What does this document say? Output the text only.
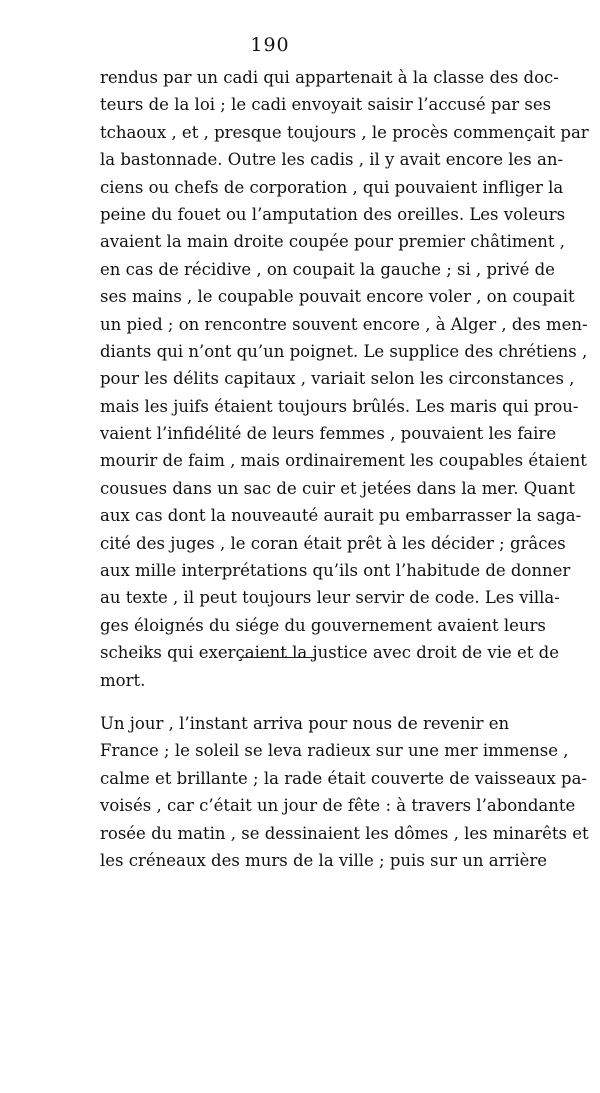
190
rendus par un cadi qui appartenait à la classe des doc-
teurs de la loi ; le cadi envoyait saisir l’accusé par ses
tchaoux , et , presque toujours , le procès commençait par
la bastonnade. Outre les cadis , il y avait encore les an-
ciens ou chefs de corporation , qui pouvaient infliger la
peine du fouet ou l’amputation des oreilles. Les voleurs
avaient la main droite coupée pour premier châtiment ,
en cas de récidive , on coupait la gauche ; si , privé de
ses mains , le coupable pouvait encore voler , on coupait
un pied ; on rencontre souvent encore , à Alger , des men-
diants qui n’ont qu’un poignet. Le supplice des chrétiens ,
pour les délits capitaux , variait selon les circonstances ,
mais les juifs étaient toujours brûlés. Les maris qui prou-
vaient l’infidélité de leurs femmes , pouvaient les faire
mourir de faim , mais ordinairement les coupables étaient
cousues dans un sac de cuir et jetées dans la mer. Quant
aux cas dont la nouveauté aurait pu embarrasser la saga-
cité des juges , le coran était prêt à les décider ; grâces
aux mille interprétations qu’ils ont l’habitude de donner
au texte , il peut toujours leur servir de code. Les villa-
ges éloignés du siége du gouvernement avaient leurs
scheiks qui exerçaient la justice avec droit de vie et de
mort.
Un jour , l’instant arriva pour nous de revenir en
France ; le soleil se leva radieux sur une mer immense ,
calme et brillante ; la rade était couverte de vaisseaux pa-
voisés , car c’était un jour de fête : à travers l’abondante
rosée du matin , se dessinaient les dômes , les minarêts et
les créneaux des murs de la ville ; puis sur un arrière
